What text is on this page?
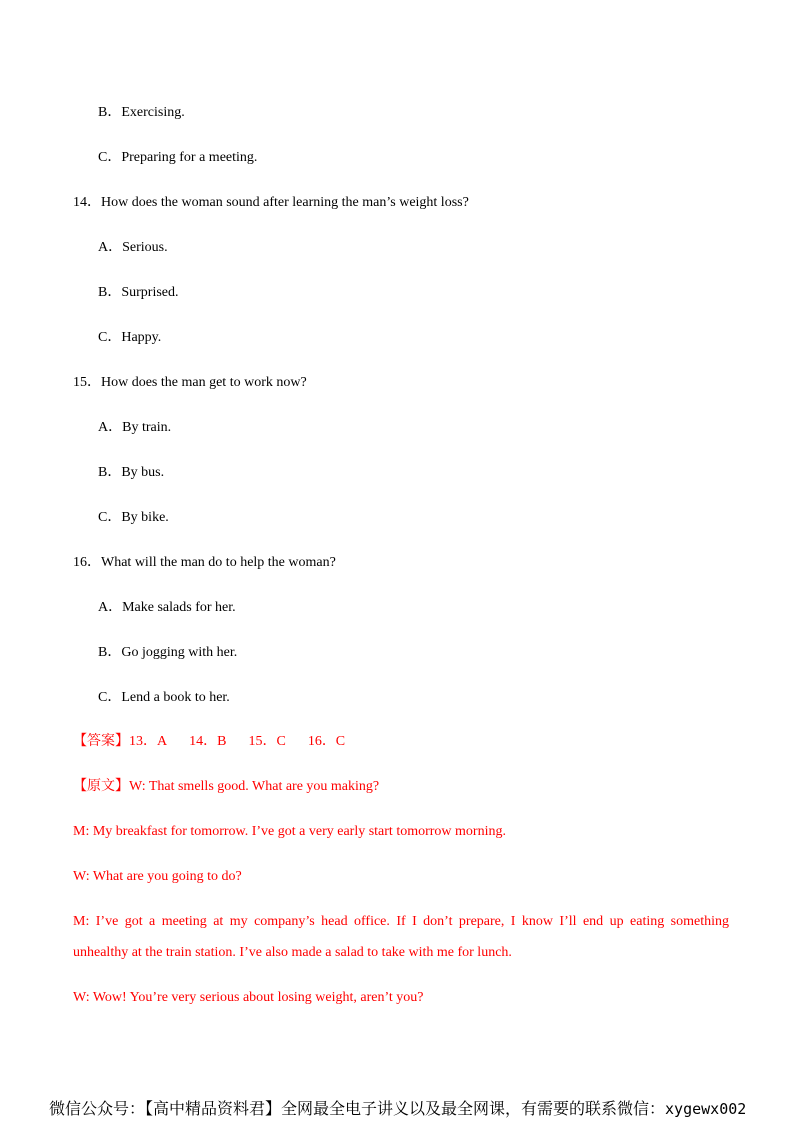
B．Exercising.
C．Preparing for a meeting.
14．How does the woman sound after learning the man’s weight loss?
A．Serious.
B．Surprised.
C．Happy.
15．How does the man get to work now?
A．By train.
B．By bus.
C．By bike.
16．What will the man do to help the woman?
A．Make salads for her.
B．Go jogging with her.
C．Lend a book to her.
【答案】13．A 14．B 15．C 16．C
【原文】W: That smells good. What are you making?
M: My breakfast for tomorrow. I’ve got a very early start tomorrow morning.
W: What are you going to do?
M: I’ve got a meeting at my company’s head office. If I don’t prepare, I know I’ll end up eating something
unhealthy at the train station. I’ve also made a salad to take with me for lunch.
W: Wow! You’re very serious about losing weight, aren’t you?
微信公众号：【高中精品资料君】全网最全电子讲义以及最全网课，有需要的联系微信：xygewx002
